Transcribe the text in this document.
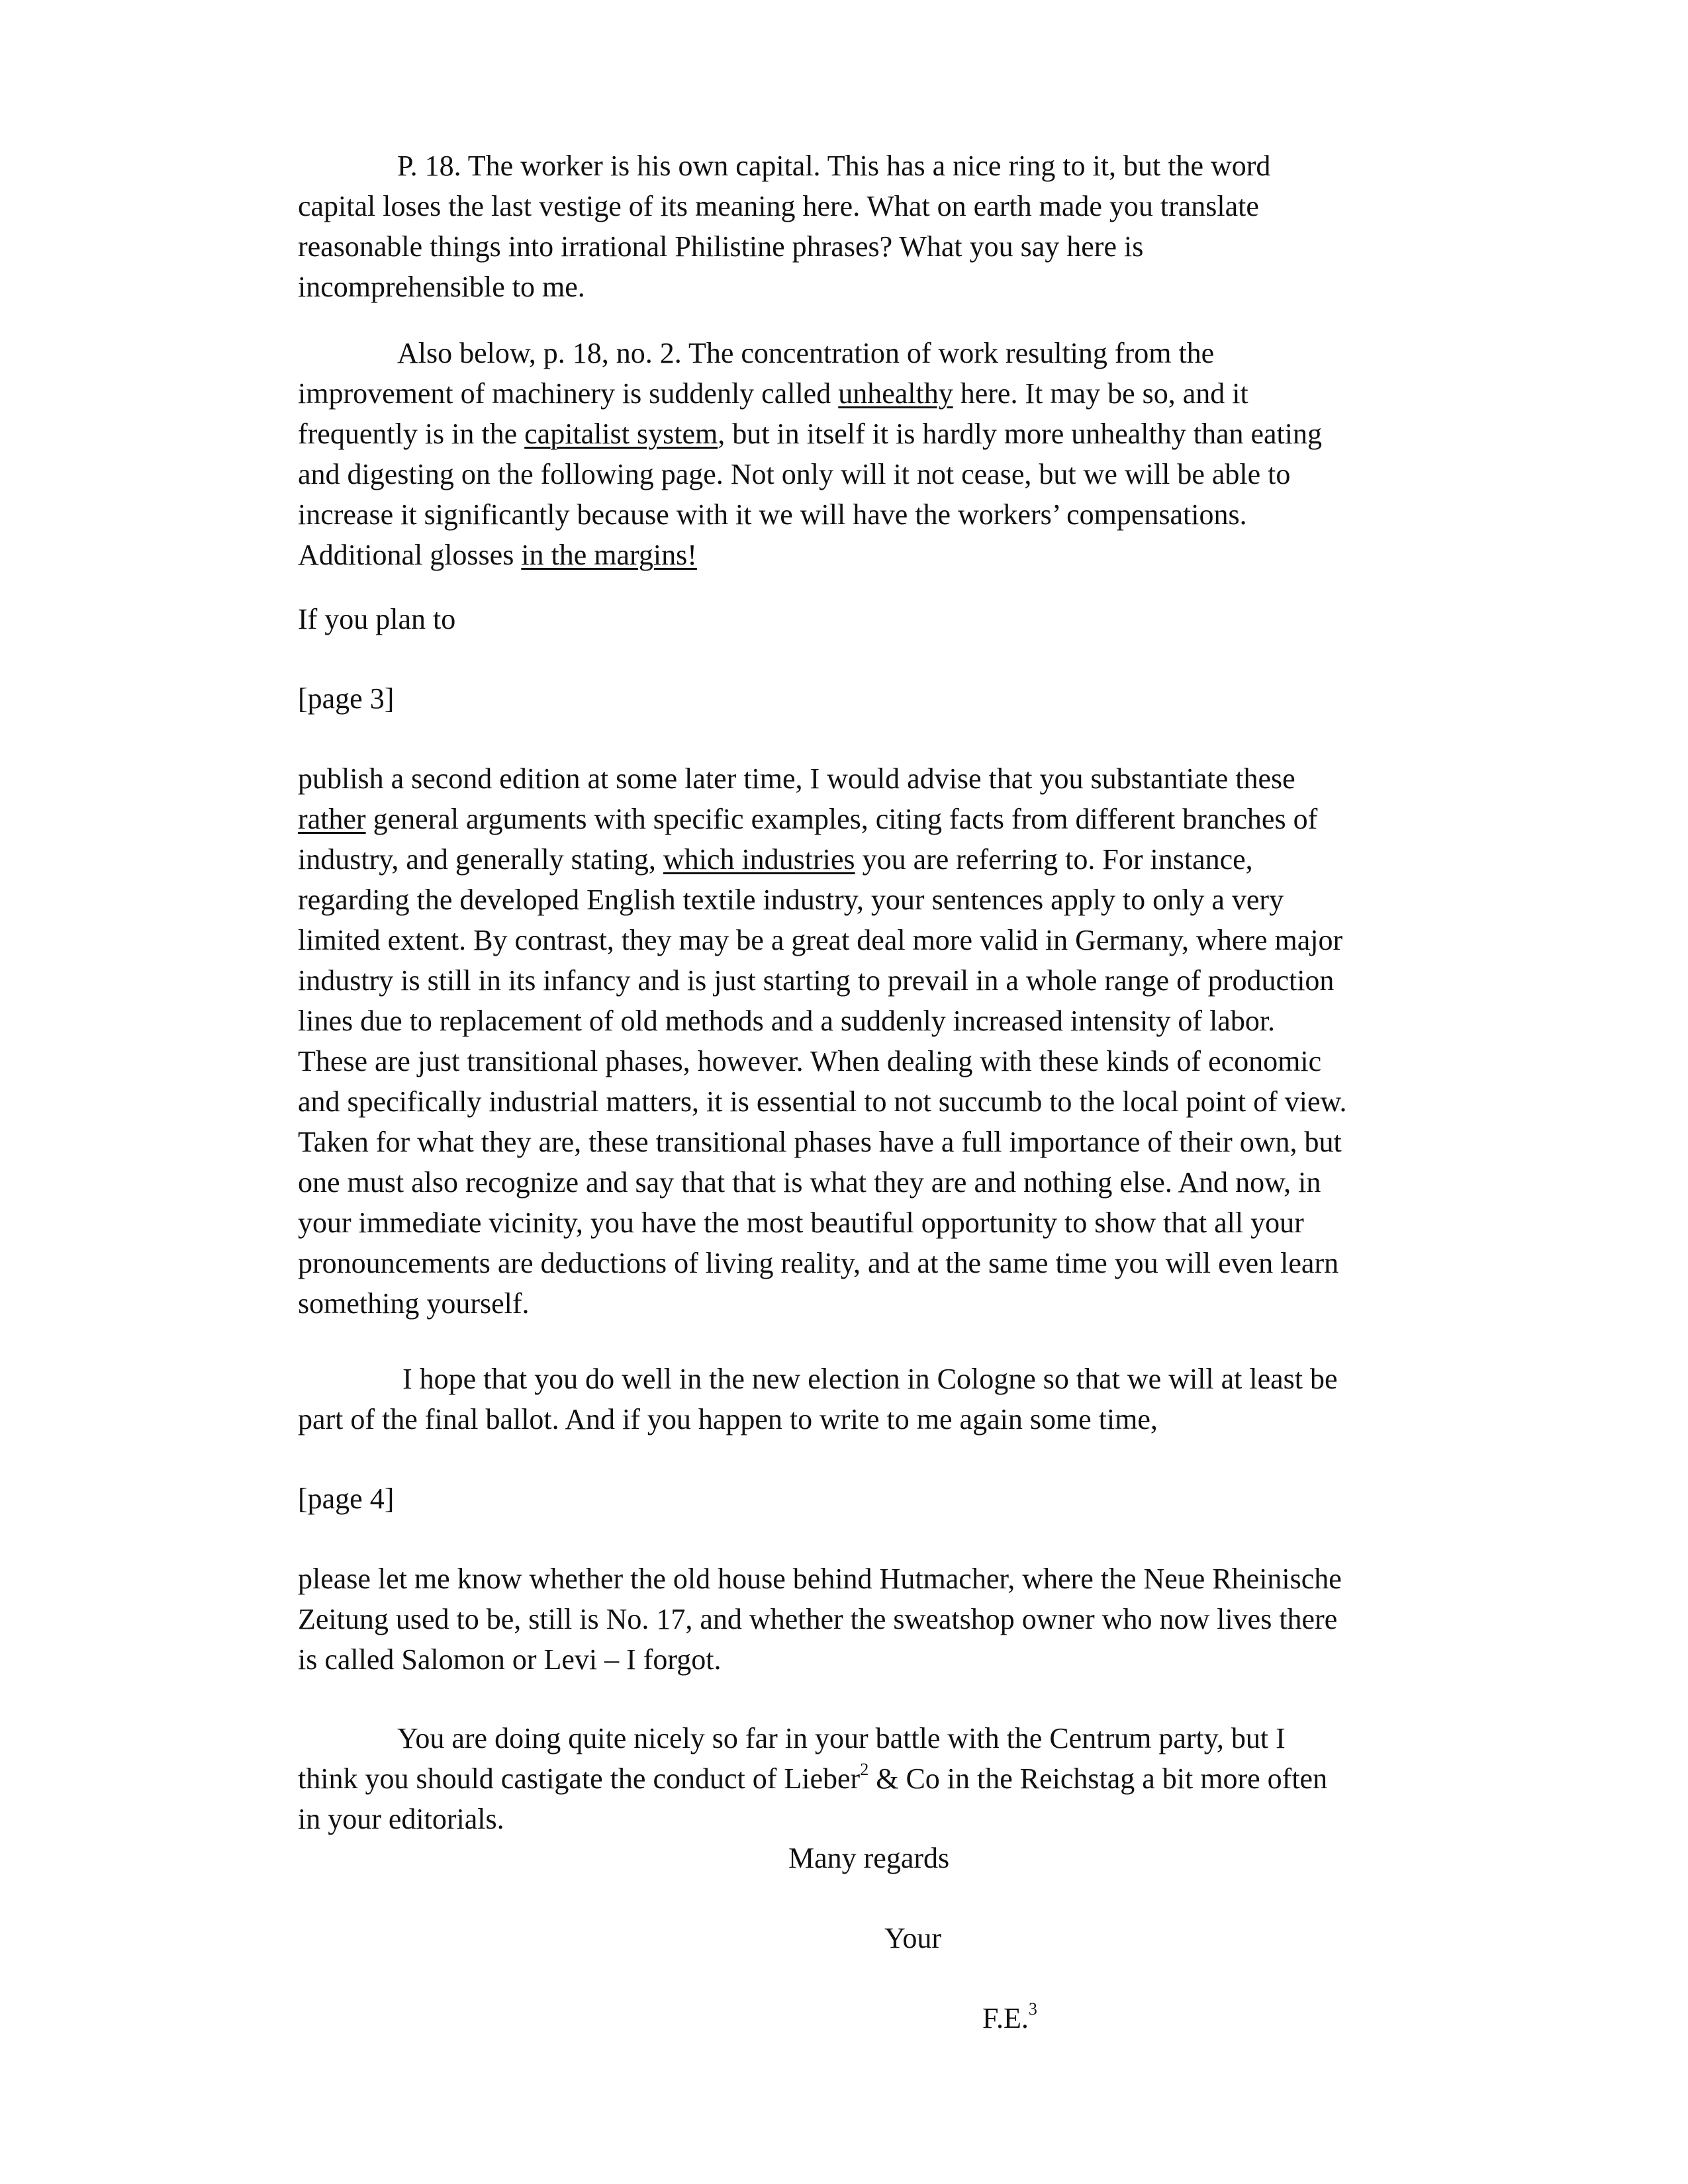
P. 18. The worker is his own capital. This has a nice ring to it, but the word
capital loses the last vestige of its meaning here. What on earth made you translate
reasonable things into irrational Philistine phrases? What you say here is
incomprehensible to me.
Also below, p. 18, no. 2. The concentration of work resulting from the
improvement of machinery is suddenly called unhealthy here. It may be so, and it
frequently is in the capitalist system, but in itself it is hardly more unhealthy than eating
and digesting on the following page. Not only will it not cease, but we will be able to
increase it significantly because with it we will have the workers’ compensations.
Additional glosses in the margins!
If you plan to
[page 3]
publish a second edition at some later time, I would advise that you substantiate these
rather general arguments with specific examples, citing facts from different branches of
industry, and generally stating, which industries you are referring to. For instance,
regarding the developed English textile industry, your sentences apply to only a very
limited extent. By contrast, they may be a great deal more valid in Germany, where major
industry is still in its infancy and is just starting to prevail in a whole range of production
lines due to replacement of old methods and a suddenly increased intensity of labor.
These are just transitional phases, however. When dealing with these kinds of economic
and specifically industrial matters, it is essential to not succumb to the local point of view.
Taken for what they are, these transitional phases have a full importance of their own, but
one must also recognize and say that that is what they are and nothing else. And now, in
your immediate vicinity, you have the most beautiful opportunity to show that all your
pronouncements are deductions of living reality, and at the same time you will even learn
something yourself.
I hope that you do well in the new election in Cologne so that we will at least be
part of the final ballot. And if you happen to write to me again some time,
[page 4]
please let me know whether the old house behind Hutmacher, where the Neue Rheinische
Zeitung used to be, still is No. 17, and whether the sweatshop owner who now lives there
is called Salomon or Levi – I forgot.
You are doing quite nicely so far in your battle with the Centrum party, but I
think you should castigate the conduct of Lieber$^2$ & Co in the Reichstag a bit more often
in your editorials.
Many regards
Your
F.E.$^3$
